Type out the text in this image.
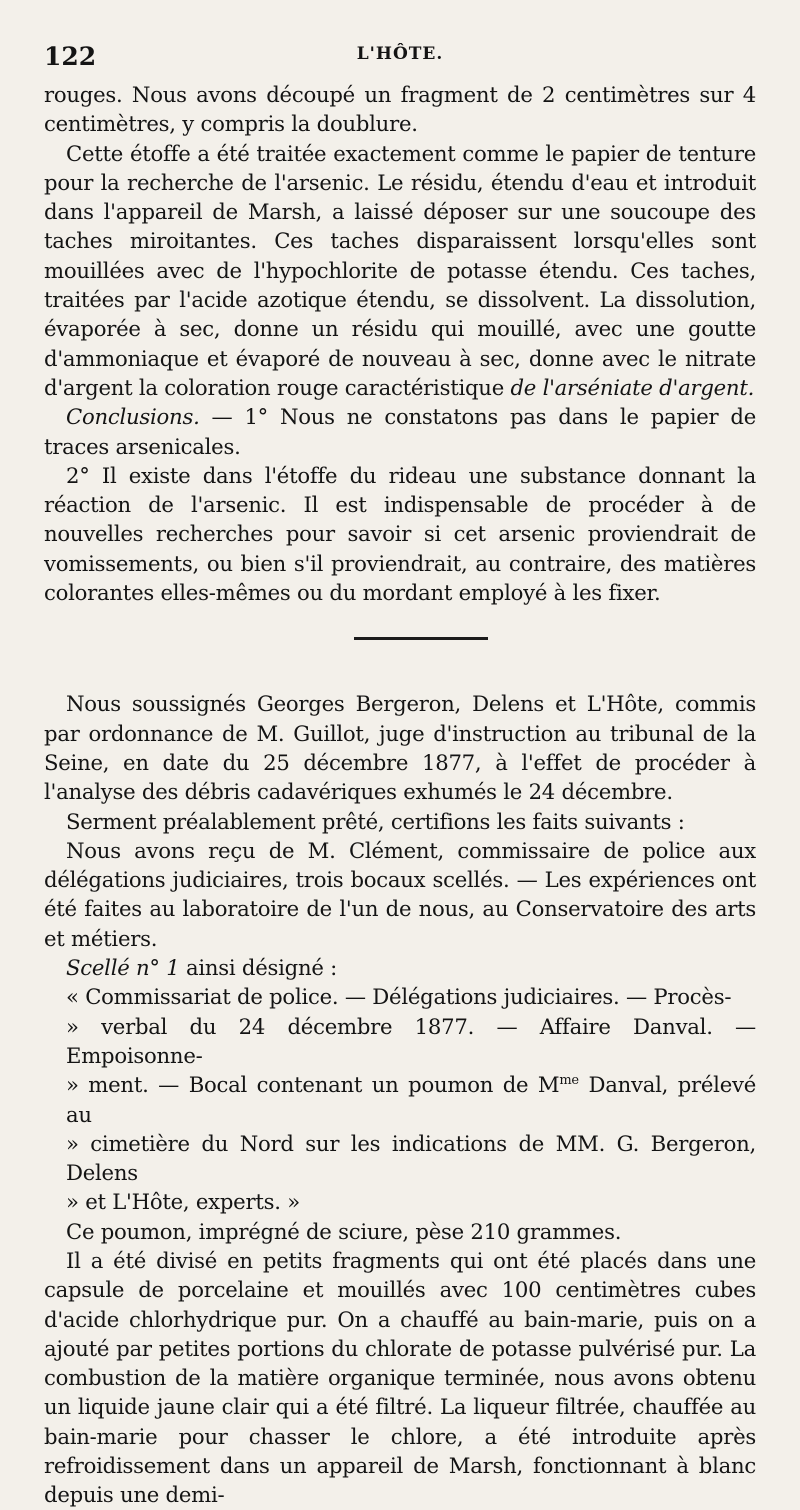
122	L'HÔTE.

rouges. Nous avons découpé un fragment de 2 centimètres sur 4 centimètres, y compris la doublure.

Cette étoffe a été traitée exactement comme le papier de tenture pour la recherche de l'arsenic. Le résidu, étendu d'eau et introduit dans l'appareil de Marsh, a laissé déposer sur une soucoupe des taches miroitantes. Ces taches disparaissent lorsqu'elles sont mouillées avec de l'hypochlorite de potasse étendu. Ces taches, traitées par l'acide azotique étendu, se dissolvent. La dissolution, évaporée à sec, donne un résidu qui mouillé, avec une goutte d'ammoniaque et évaporé de nouveau à sec, donne avec le nitrate d'argent la coloration rouge caractéristique de l'arséniate d'argent.

Conclusions. — 1° Nous ne constatons pas dans le papier de traces arsenicales.

2° Il existe dans l'étoffe du rideau une substance donnant la réaction de l'arsenic. Il est indispensable de procéder à de nouvelles recherches pour savoir si cet arsenic proviendrait de vomissements, ou bien s'il proviendrait, au contraire, des matières colorantes elles-mêmes ou du mordant employé à les fixer.

Nous soussignés Georges Bergeron, Delens et L'Hôte, commis par ordonnance de M. Guillot, juge d'instruction au tribunal de la Seine, en date du 25 décembre 1877, à l'effet de procéder à l'analyse des débris cadavériques exhumés le 24 décembre.

Serment préalablement prêté, certifions les faits suivants :

Nous avons reçu de M. Clément, commissaire de police aux délégations judiciaires, trois bocaux scellés. — Les expériences ont été faites au laboratoire de l'un de nous, au Conservatoire des arts et métiers.

Scellé n° 1 ainsi désigné :

« Commissariat de police. — Délégations judiciaires. — Procès-

» verbal du 24 décembre 1877. — Affaire Danval. — Empoisonne-

» ment. — Bocal contenant un poumon de $M^{me}$ Danval, prélevé au

» cimetière du Nord sur les indications de MM. G. Bergeron, Delens

» et L'Hôte, experts. »

Ce poumon, imprégné de sciure, pèse 210 grammes.

Il a été divisé en petits fragments qui ont été placés dans une capsule de porcelaine et mouillés avec 100 centimètres cubes d'acide chlorhydrique pur. On a chauffé au bain-marie, puis on a ajouté par petites portions du chlorate de potasse pulvérisé pur. La combustion de la matière organique terminée, nous avons obtenu un liquide jaune clair qui a été filtré. La liqueur filtrée, chauffée au bain-marie pour chasser le chlore, a été introduite après refroidissement dans un appareil de Marsh, fonctionnant à blanc depuis une demi-
